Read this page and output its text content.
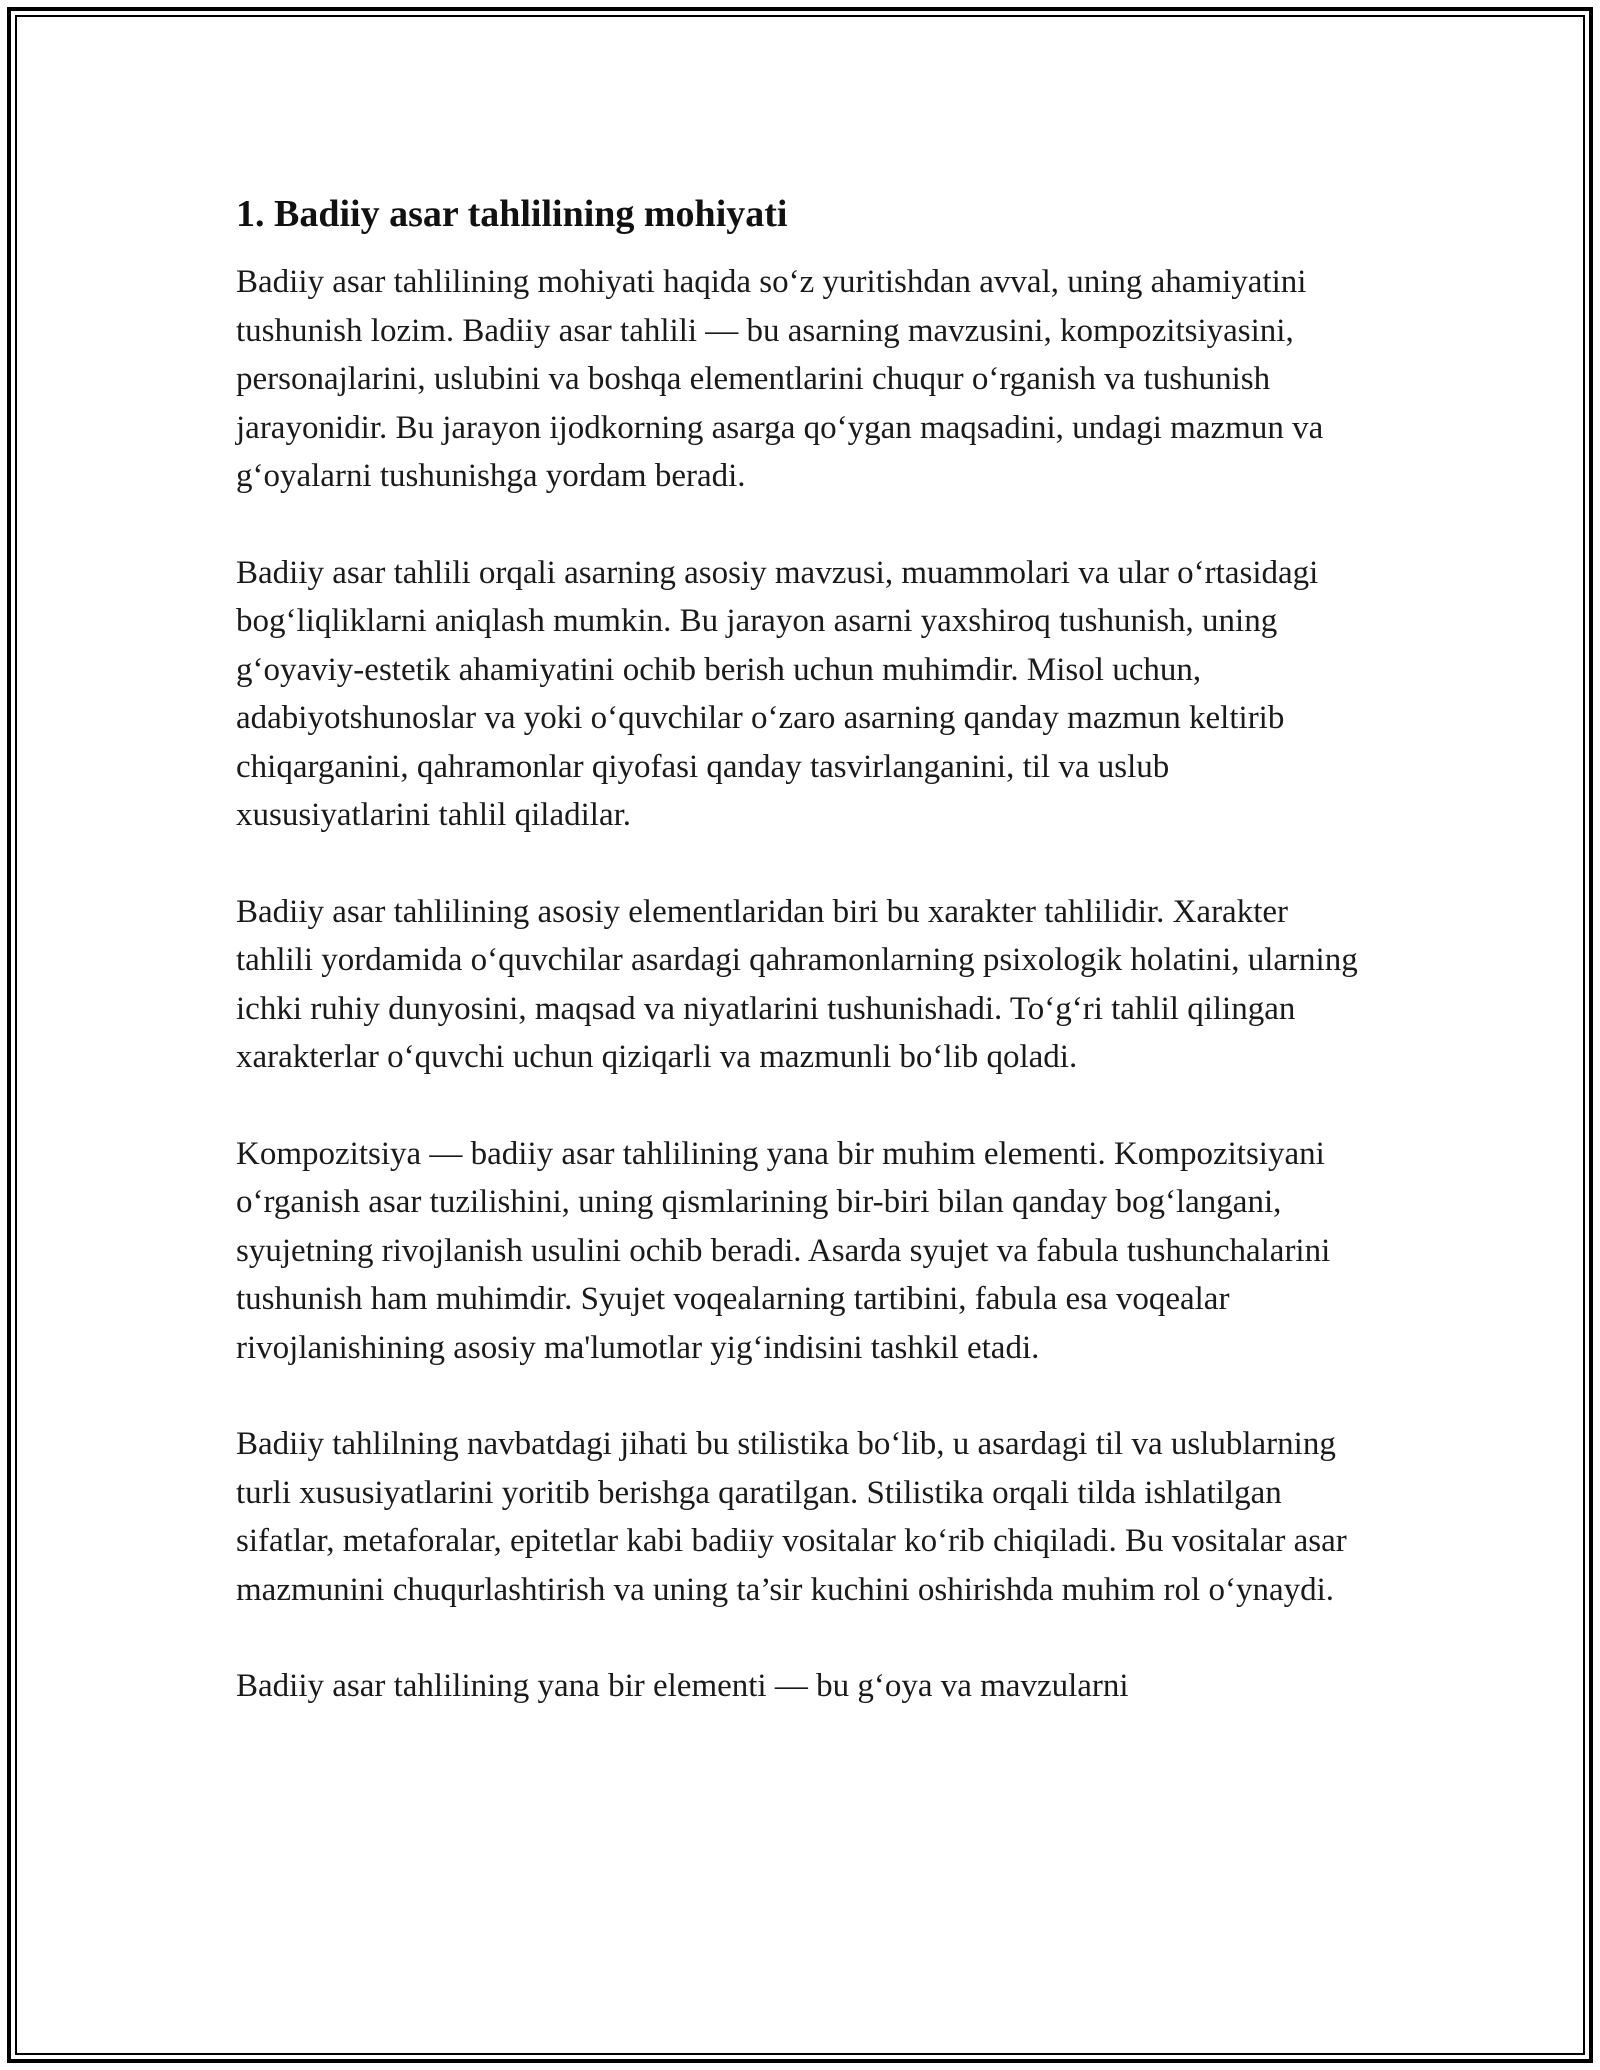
1. Badiiy asar tahlilining mohiyati

Badiiy asar tahlilining mohiyati haqida so‘z yuritishdan avval, uning ahamiyatini tushunish lozim. Badiiy asar tahlili — bu asarning mavzusini, kompozitsiyasini, personajlarini, uslubini va boshqa elementlarini chuqur o‘rganish va tushunish jarayonidir. Bu jarayon ijodkorning asarga qo‘ygan maqsadini, undagi mazmun va g‘oyalarni tushunishga yordam beradi.

Badiiy asar tahlili orqali asarning asosiy mavzusi, muammolari va ular o‘rtasidagi bog‘liqliklarni aniqlash mumkin. Bu jarayon asarni yaxshiroq tushunish, uning g‘oyaviy-estetik ahamiyatini ochib berish uchun muhimdir. Misol uchun, adabiyotshunoslar va yoki o‘quvchilar o‘zaro asarning qanday mazmun keltirib chiqarganini, qahramonlar qiyofasi qanday tasvirlanganini, til va uslub xususiyatlarini tahlil qiladilar.

Badiiy asar tahlilining asosiy elementlaridan biri bu xarakter tahlilidir. Xarakter tahlili yordamida o‘quvchilar asardagi qahramonlarning psixologik holatini, ularning ichki ruhiy dunyosini, maqsad va niyatlarini tushunishadi. To‘g‘ri tahlil qilingan xarakterlar o‘quvchi uchun qiziqarli va mazmunli bo‘lib qoladi.

Kompozitsiya — badiiy asar tahlilining yana bir muhim elementi. Kompozitsiyani o‘rganish asar tuzilishini, uning qismlarining bir-biri bilan qanday bog‘langani, syujetning rivojlanish usulini ochib beradi. Asarda syujet va fabula tushunchalarini tushunish ham muhimdir. Syujet voqealarning tartibini, fabula esa voqealar rivojlanishining asosiy ma'lumotlar yig‘indisini tashkil etadi.

Badiiy tahlilning navbatdagi jihati bu stilistika bo‘lib, u asardagi til va uslublarning turli xususiyatlarini yoritib berishga qaratilgan. Stilistika orqali tilda ishlatilgan sifatlar, metaforalar, epitetlar kabi badiiy vositalar ko‘rib chiqiladi. Bu vositalar asar mazmunini chuqurlashtirish va uning ta’sir kuchini oshirishda muhim rol o‘ynaydi.

Badiiy asar tahlilining yana bir elementi — bu g‘oya va mavzularni
